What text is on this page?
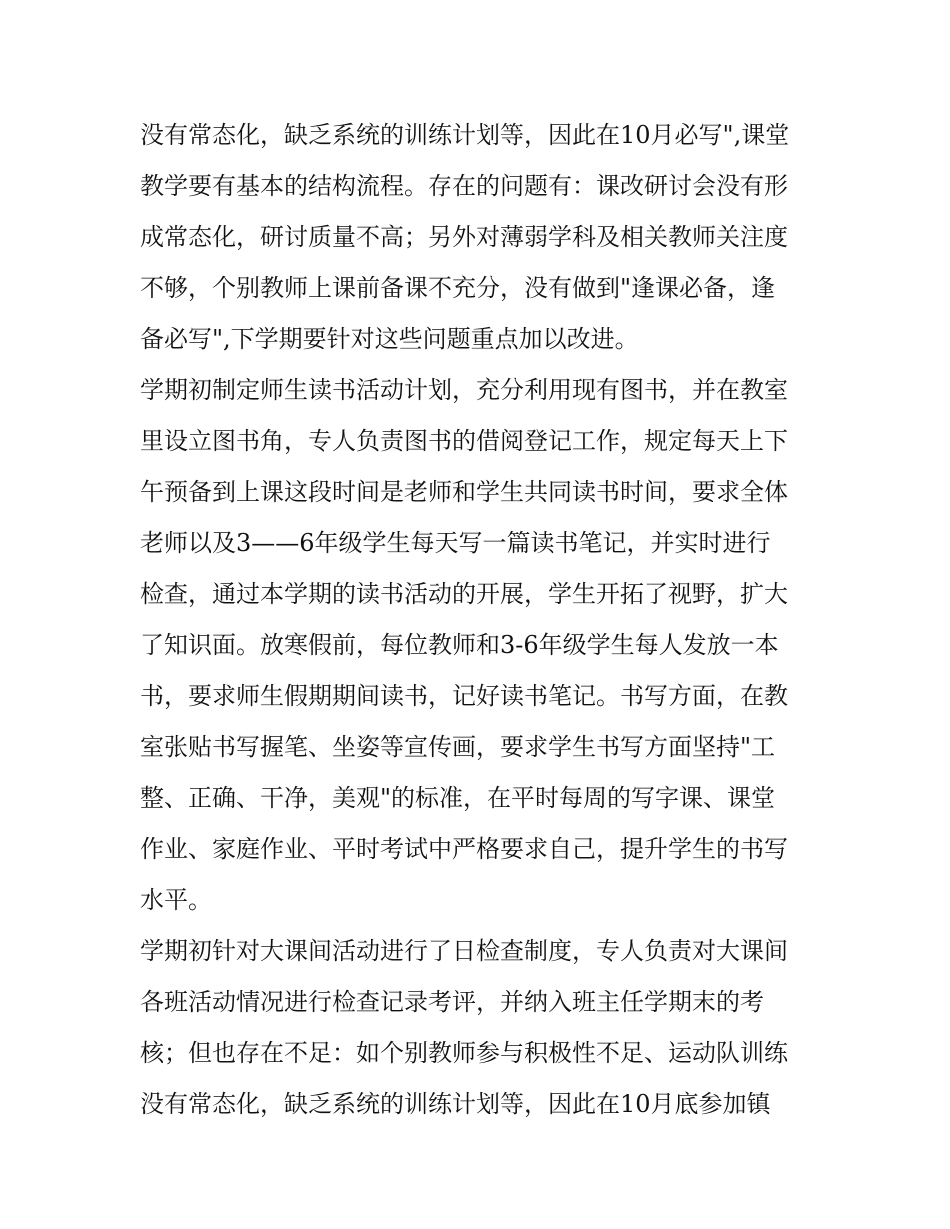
没有常态化，缺乏系统的训练计划等，因此在10月必写",课堂
教学要有基本的结构流程。存在的问题有：课改研讨会没有形
成常态化，研讨质量不高；另外对薄弱学科及相关教师关注度
不够，个别教师上课前备课不充分，没有做到"逢课必备，逢
备必写",下学期要针对这些问题重点加以改进。
学期初制定师生读书活动计划，充分利用现有图书，并在教室
里设立图书角，专人负责图书的借阅登记工作，规定每天上下
午预备到上课这段时间是老师和学生共同读书时间，要求全体
老师以及3——6年级学生每天写一篇读书笔记，并实时进行
检查，通过本学期的读书活动的开展，学生开拓了视野，扩大
了知识面。放寒假前，每位教师和3-6年级学生每人发放一本
书，要求师生假期期间读书，记好读书笔记。书写方面，在教
室张贴书写握笔、坐姿等宣传画，要求学生书写方面坚持"工
整、正确、干净，美观"的标准，在平时每周的写字课、课堂
作业、家庭作业、平时考试中严格要求自己，提升学生的书写
水平。
学期初针对大课间活动进行了日检查制度，专人负责对大课间
各班活动情况进行检查记录考评，并纳入班主任学期末的考
核；但也存在不足：如个别教师参与积极性不足、运动队训练
没有常态化，缺乏系统的训练计划等，因此在10月底参加镇
